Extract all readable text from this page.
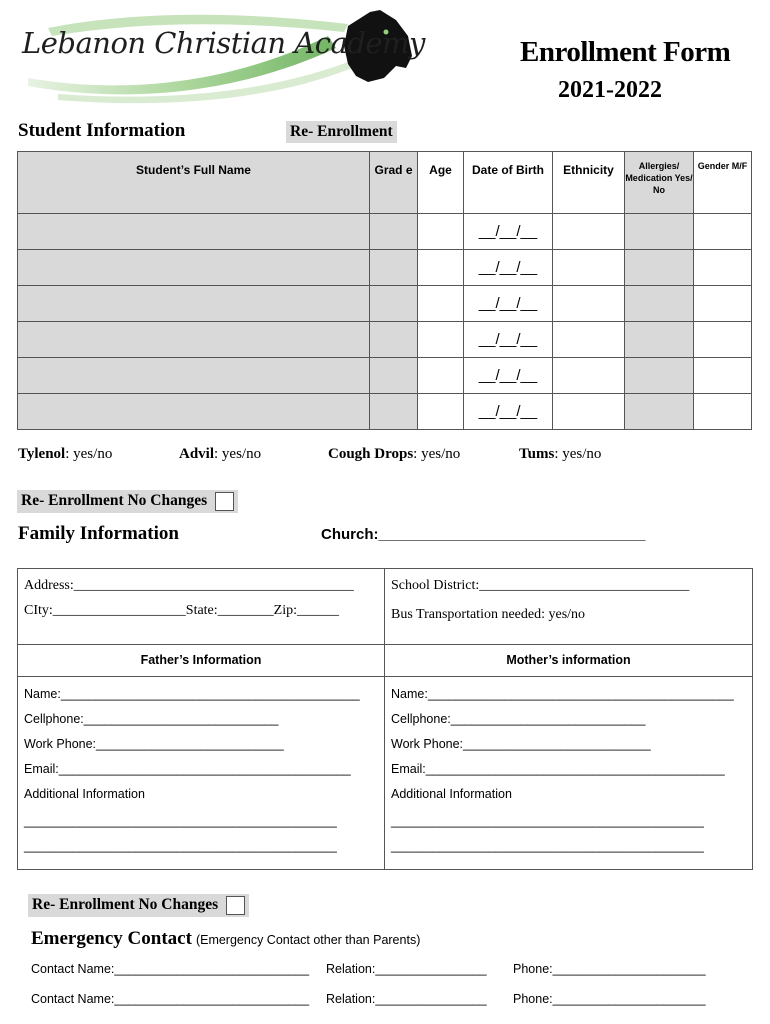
Lebanon Christian Academy	Enrollment Form
2021-2022
Student Information	Re- Enrollment
Student’s Full Name	Grad e	Age	Date of Birth	Ethnicity	Allergies/ Medication Yes/ No	Gender M/F
			__/__/__			
			__/__/__			
			__/__/__			
			__/__/__			
			__/__/__			
			__/__/__			
Tylenol: yes/no	Advil: yes/no	Cough Drops: yes/no	Tums: yes/no
Re- Enrollment No Changes
Family Information	Church:________________________________
Address:________________________________________
CIty:___________________State:________Zip:______
School District:______________________________
Bus Transportation needed: yes/no
Father’s Information	Mother’s information
Name:___________________________________________
Cellphone:____________________________
Work Phone:___________________________
Email:__________________________________________
Additional Information
_____________________________________________
_____________________________________________
Name:____________________________________________
Cellphone:____________________________
Work Phone:___________________________
Email:___________________________________________
Additional Information
_____________________________________________
_____________________________________________
Re- Enrollment No Changes
Emergency Contact (Emergency Contact other than Parents)
Contact Name:____________________________ Relation:________________ Phone:______________________
Contact Name:____________________________ Relation:________________ Phone:______________________
